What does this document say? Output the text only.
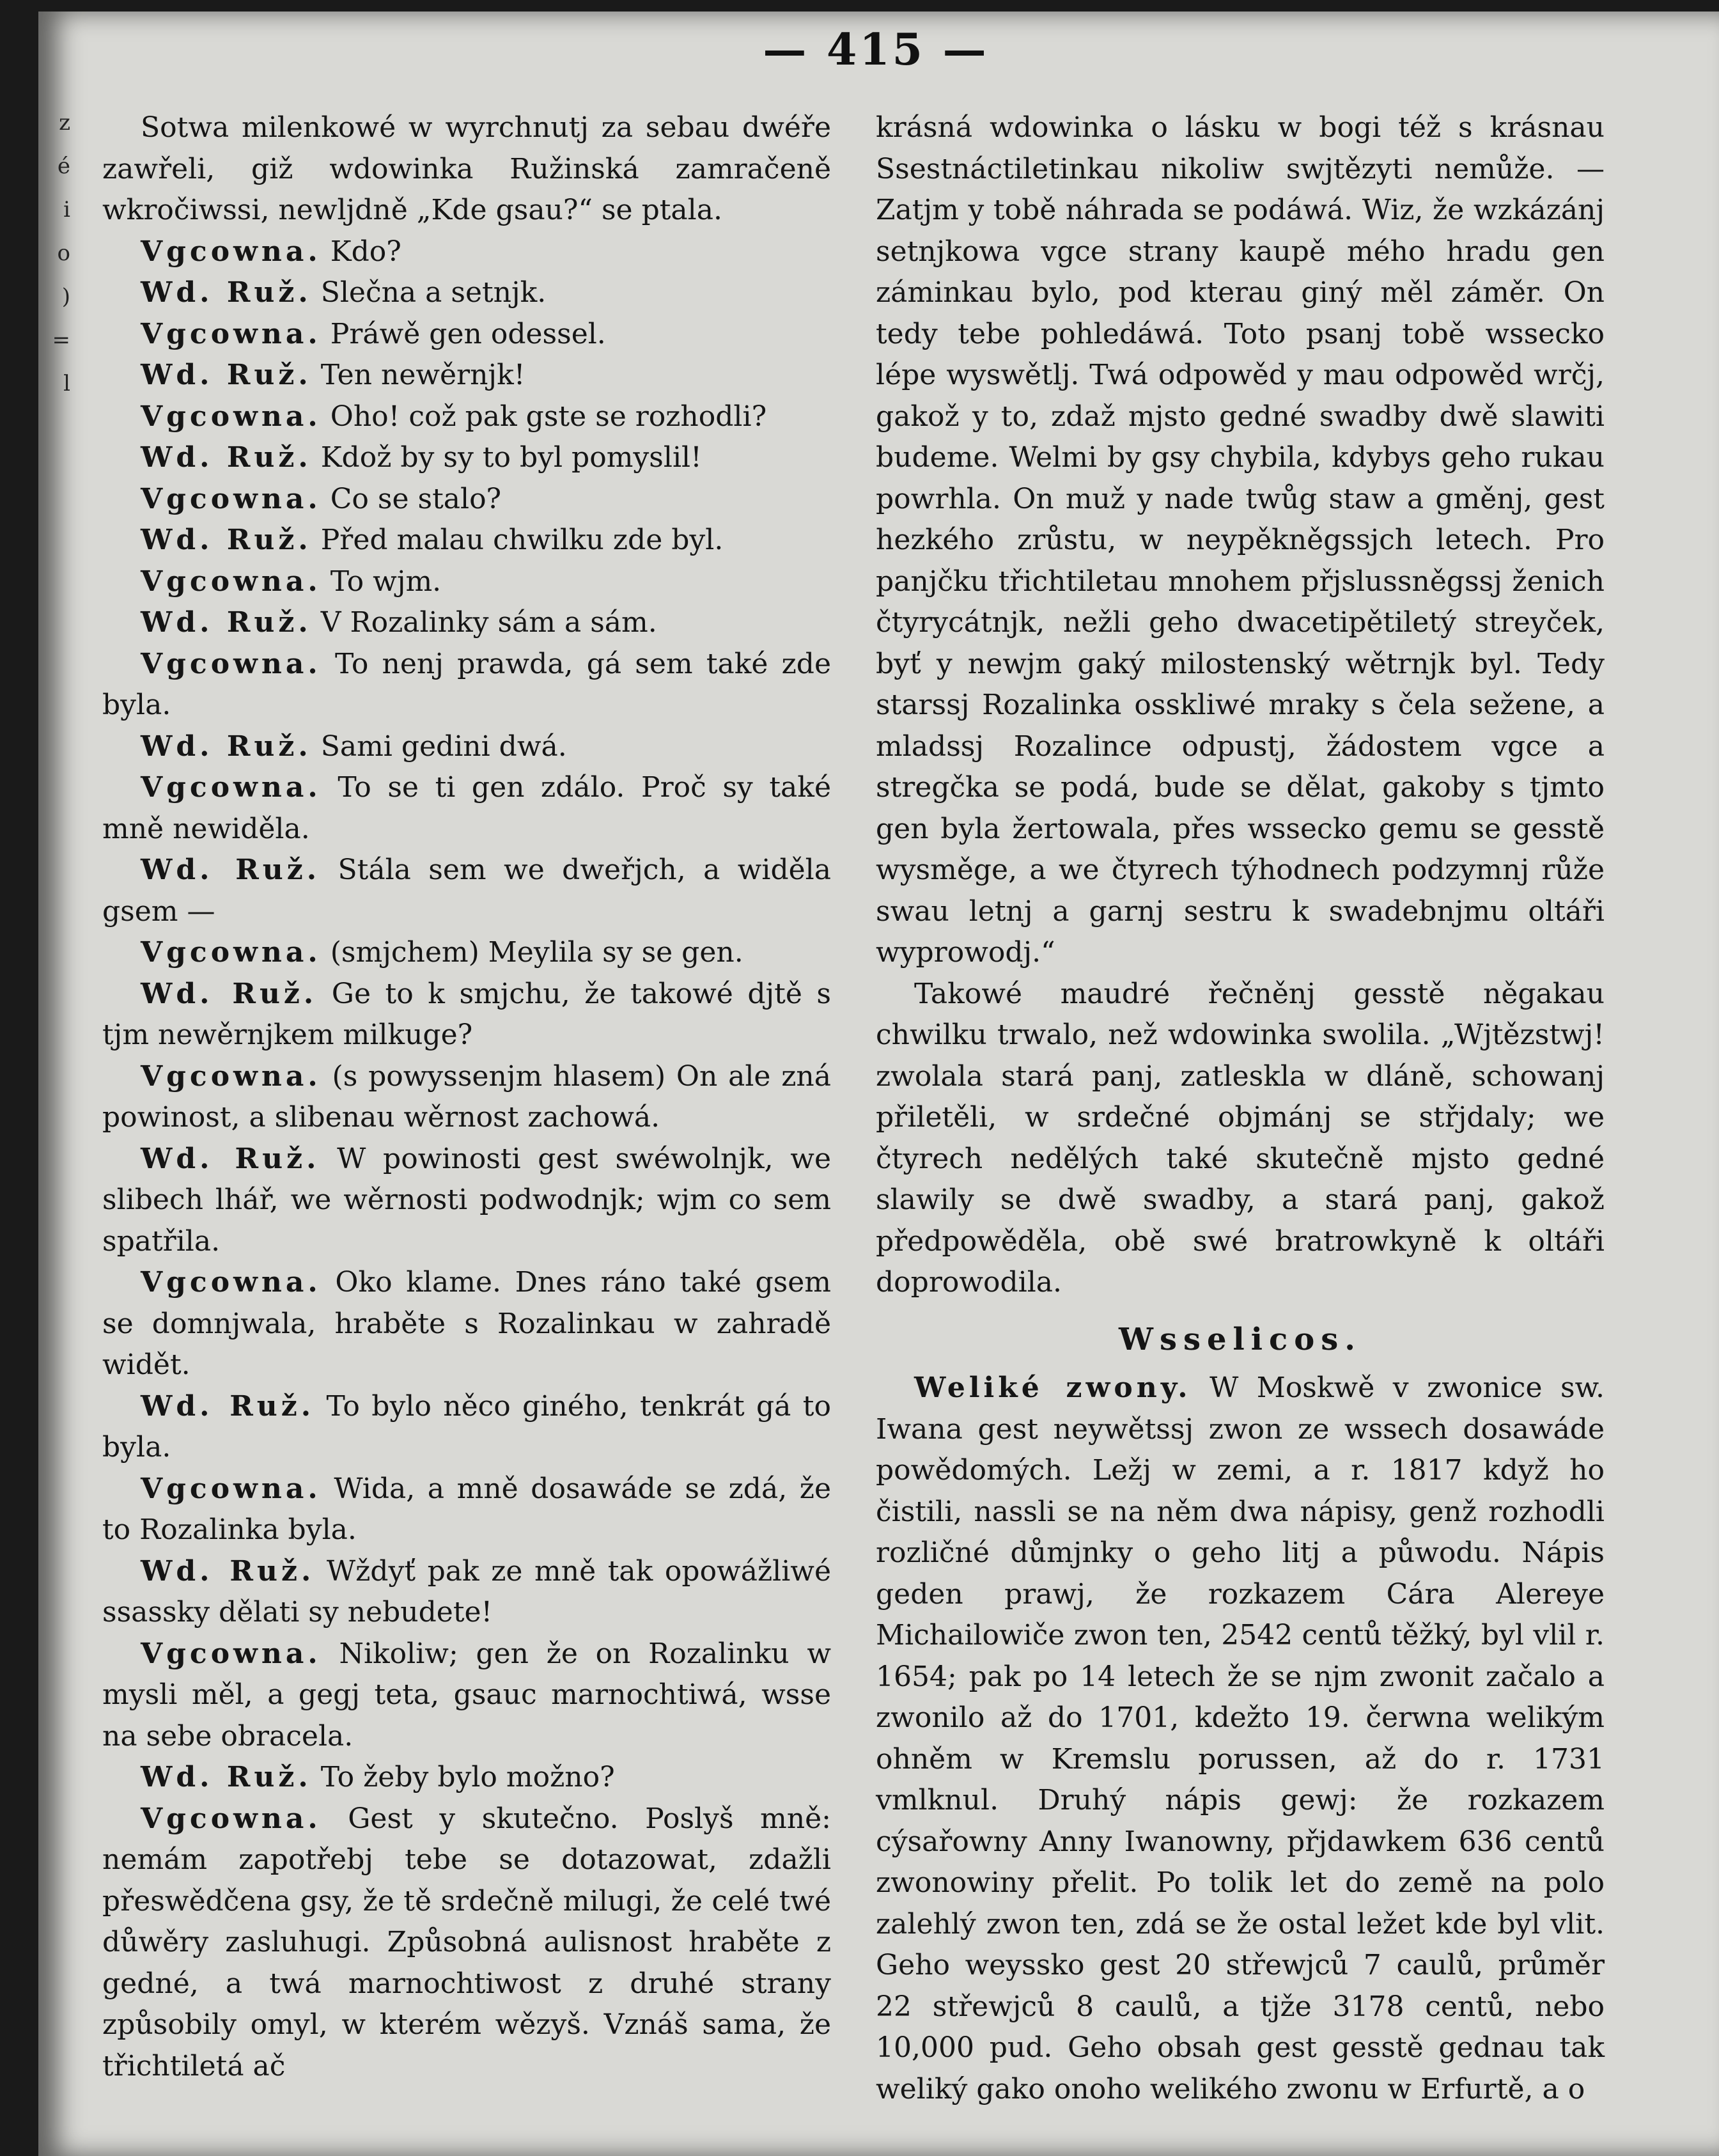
z
é
i
o
)
=
l
— 415 —

Sotwa milenkowé w wyrchnutj za sebau dwéře zawřeli, giž wdowinka Ružinská zamračeně wkročiwssi, newljdně „Kde gsau?“ se ptala.

Vgcowna. Kdo?

Wd. Ruž. Slečna a setnjk.

Vgcowna. Práwě gen odessel.

Wd. Ruž. Ten newěrnjk!

Vgcowna. Oho! což pak gste se rozhodli?

Wd. Ruž. Kdož by sy to byl pomyslil!

Vgcowna. Co se stalo?

Wd. Ruž. Před malau chwilku zde byl.

Vgcowna. To wjm.

Wd. Ruž. V Rozalinky sám a sám.

Vgcowna. To nenj prawda, gá sem také zde byla.

Wd. Ruž. Sami gedini dwá.

Vgcowna. To se ti gen zdálo. Proč sy také mně newiděla.

Wd. Ruž. Stála sem we dweřjch, a widěla gsem —

Vgcowna. (smjchem) Meylila sy se gen.

Wd. Ruž. Ge to k smjchu, že takowé djtě s tjm newěrnjkem milkuge?

Vgcowna. (s powyssenjm hlasem) On ale zná powinost, a slibenau wěrnost zachowá.

Wd. Ruž. W powinosti gest swéwolnjk, we slibech lhář, we wěrnosti podwodnjk; wjm co sem spatřila.

Vgcowna. Oko klame. Dnes ráno také gsem se domnjwala, hraběte s Rozalinkau w zahradě widět.

Wd. Ruž. To bylo něco giného, tenkrát gá to byla.

Vgcowna. Wida, a mně dosawáde se zdá, že to Rozalinka byla.

Wd. Ruž. Wždyť pak ze mně tak opowážliwé ssassky dělati sy nebudete!

Vgcowna. Nikoliw; gen že on Rozalinku w mysli měl, a gegj teta, gsauc marnochtiwá, wsse na sebe obracela.

Wd. Ruž. To žeby bylo možno?

Vgcowna. Gest y skutečno. Poslyš mně: nemám zapotřebj tebe se dotazowat, zdažli přeswědčena gsy, že tě srdečně milugi, že celé twé důwěry zasluhugi. Způsobná aulisnost hraběte z gedné, a twá marnochtiwost z druhé strany způsobily omyl, w kterém wězyš. Vznáš sama, že třichtiletá ač

krásná wdowinka o lásku w bogi též s krásnau Ssestnáctiletinkau nikoliw swjtězyti nemůže. — Zatjm y tobě náhrada se podáwá. Wiz, že wzkázánj setnjkowa vgce strany kaupě mého hradu gen záminkau bylo, pod kterau giný měl záměr. On tedy tebe pohledáwá. Toto psanj tobě wssecko lépe wyswětlj. Twá odpowěd y mau odpowěd wrčj, gakož y to, zdaž mjsto gedné swadby dwě slawiti budeme. Welmi by gsy chybila, kdybys geho rukau powrhla. On muž y nade twůg staw a gměnj, gest hezkého zrůstu, w neypěkněgssjch letech. Pro panjčku třichtiletau mnohem přjslussněgssj ženich čtyrycátnjk, nežli geho dwacetipětiletý streyček, byť y newjm gaký milostenský wětrnjk byl. Tedy starssj Rozalinka osskliwé mraky s čela sežene, a mladssj Rozalince odpustj, žádostem vgce a stregčka se podá, bude se dělat, gakoby s tjmto gen byla žertowala, přes wssecko gemu se gesstě wysměge, a we čtyrech týhodnech podzymnj růže swau letnj a garnj sestru k swadebnjmu oltáři wyprowodj.“

Takowé maudré řečněnj gesstě něgakau chwilku trwalo, než wdowinka swolila. „Wjtězstwj! zwolala stará panj, zatleskla w dláně, schowanj přiletěli, w srdečné objmánj se střjdaly; we čtyrech nedělých také skutečně mjsto gedné slawily se dwě swadby, a stará panj, gakož předpowěděla, obě swé bratrowkyně k oltáři doprowodila.

Wsselicos.

Weliké zwony. W Moskwě v zwonice sw. Iwana gest neywětssj zwon ze wssech dosawáde powědomých. Ležj w zemi, a r. 1817 když ho čistili, nassli se na něm dwa nápisy, genž rozhodli rozličné důmjnky o geho litj a půwodu. Nápis geden prawj, že rozkazem Cára Alereye Michailowiče zwon ten, 2542 centů těžký, byl vlil r. 1654; pak po 14 letech že se njm zwonit začalo a zwonilo až do 1701, kdežto 19. čerwna welikým ohněm w Kremslu porussen, až do r. 1731 vmlknul. Druhý nápis gewj: že rozkazem cýsařowny Anny Iwanowny, přjdawkem 636 centů zwonowiny přelit. Po tolik let do země na polo zalehlý zwon ten, zdá se že ostal ležet kde byl vlit. Geho weyssko gest 20 střewjců 7 caulů, průměr 22 střewjců 8 caulů, a tjže 3178 centů, nebo 10,000 pud. Geho obsah gest gesstě gednau tak weliký gako onoho welikého zwonu w Erfurtě, a o
